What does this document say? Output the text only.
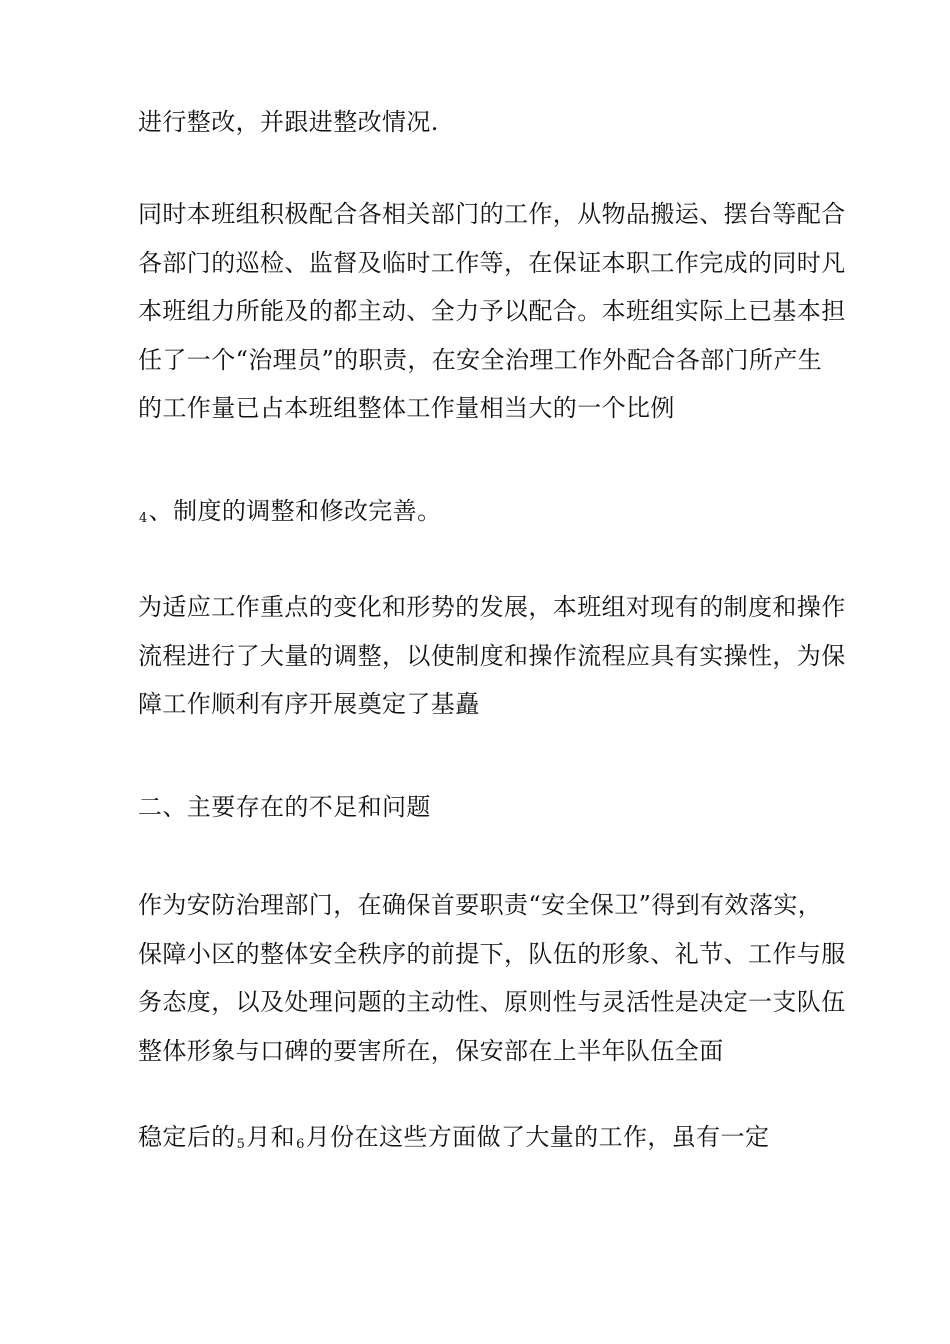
进行整改，并跟进整改情况.

同时本班组积极配合各相关部门的工作，从物品搬运、摆台等配合
各部门的巡检、监督及临时工作等，在保证本职工作完成的同时凡
本班组力所能及的都主动、全力予以配合。本班组实际上已基本担
任了一个“治理员”的职责，在安全治理工作外配合各部门所产生
的工作量已占本班组整体工作量相当大的一个比例

4、制度的调整和修改完善。

为适应工作重点的变化和形势的发展，本班组对现有的制度和操作
流程进行了大量的调整，以使制度和操作流程应具有实操性，为保
障工作顺利有序开展奠定了基矗

二、主要存在的不足和问题

作为安防治理部门，在确保首要职责“安全保卫”得到有效落实，
保障小区的整体安全秩序的前提下，队伍的形象、礼节、工作与服
务态度，以及处理问题的主动性、原则性与灵活性是决定一支队伍
整体形象与口碑的要害所在，保安部在上半年队伍全面

稳定后的5月和6月份在这些方面做了大量的工作，虽有一定
